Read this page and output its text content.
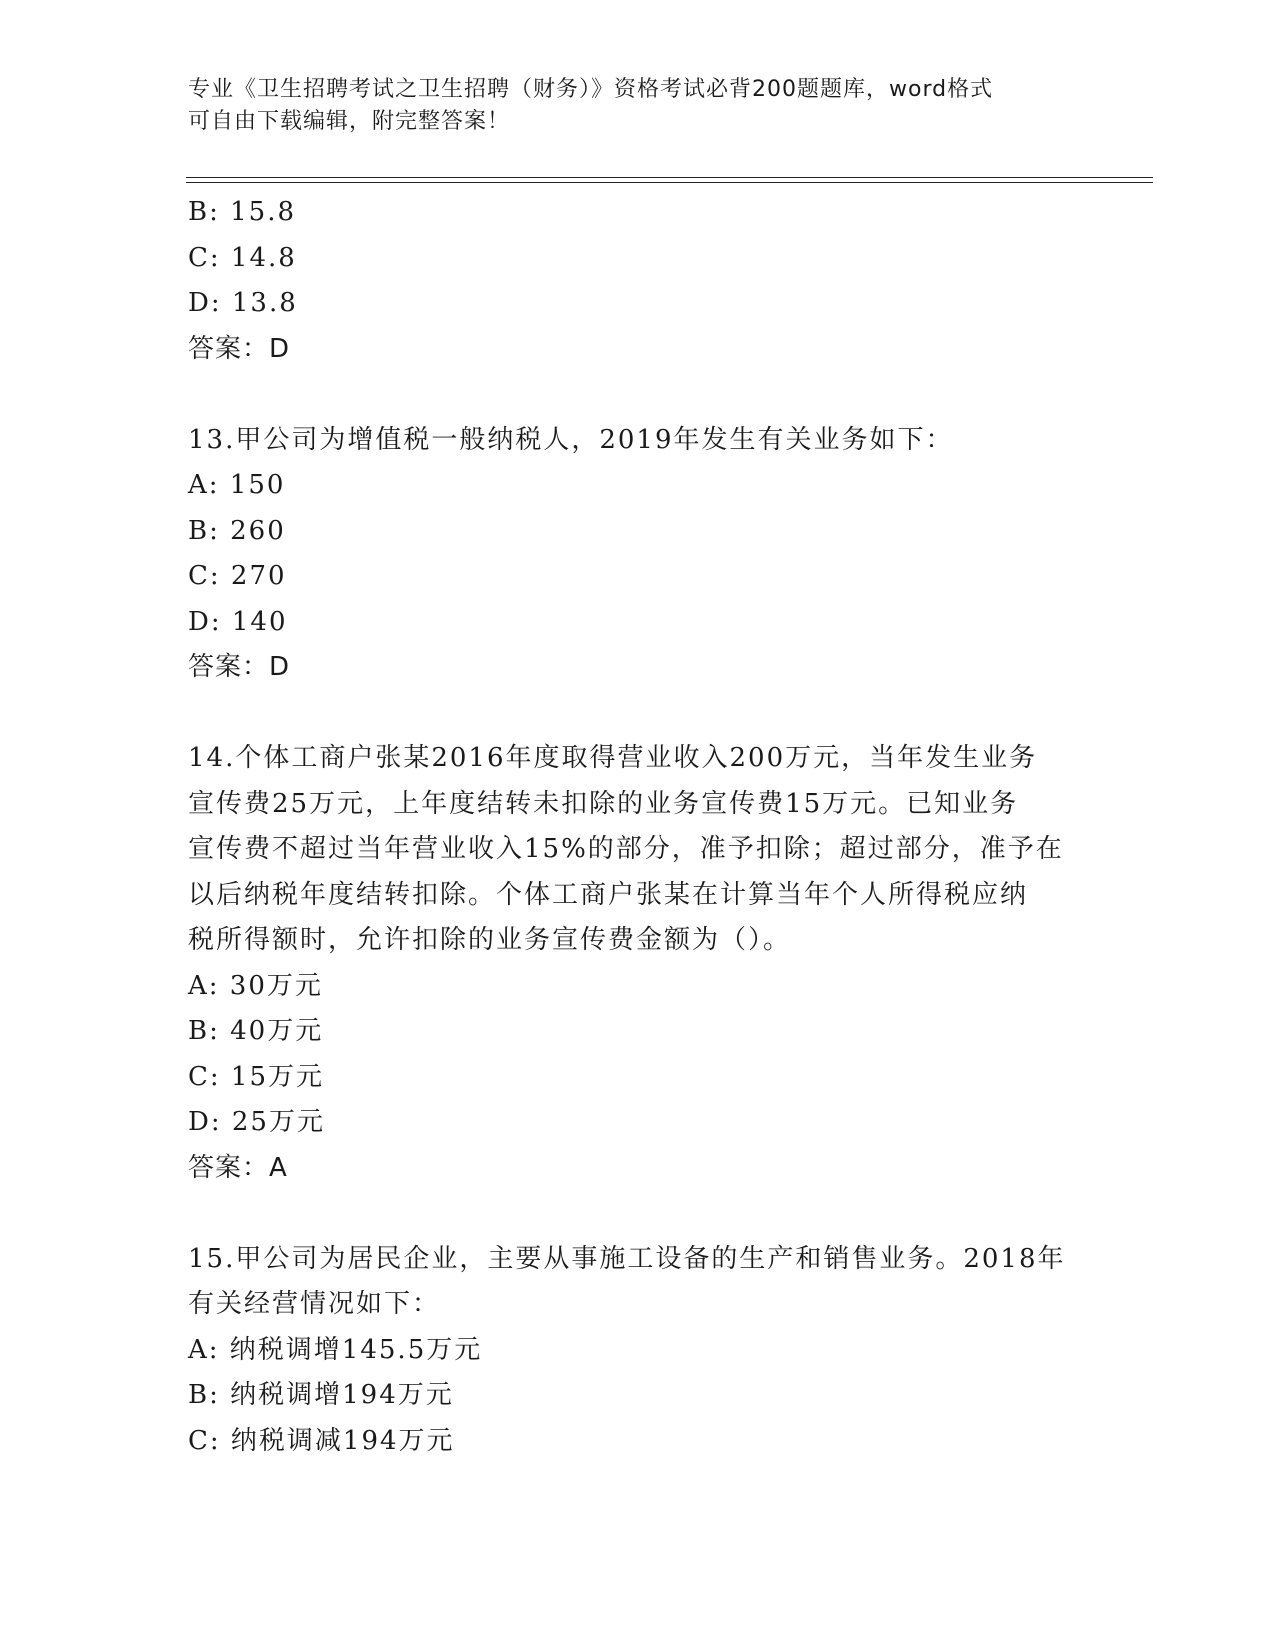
专业《卫生招聘考试之卫生招聘（财务）》资格考试必背200题题库，word格式
可自由下载编辑，附完整答案！
B: 15.8
C: 14.8
D: 13.8
答案：D
13.甲公司为增值税一般纳税人，2019年发生有关业务如下：
A: 150
B: 260
C: 270
D: 140
答案：D
14.个体工商户张某2016年度取得营业收入200万元，当年发生业务
宣传费25万元，上年度结转未扣除的业务宣传费15万元。已知业务
宣传费不超过当年营业收入15%的部分，准予扣除；超过部分，准予在
以后纳税年度结转扣除。个体工商户张某在计算当年个人所得税应纳
税所得额时，允许扣除的业务宣传费金额为（）。
A: 30万元
B: 40万元
C: 15万元
D: 25万元
答案：A
15.甲公司为居民企业，主要从事施工设备的生产和销售业务。2018年
有关经营情况如下：
A: 纳税调增145.5万元
B: 纳税调增194万元
C: 纳税调减194万元
